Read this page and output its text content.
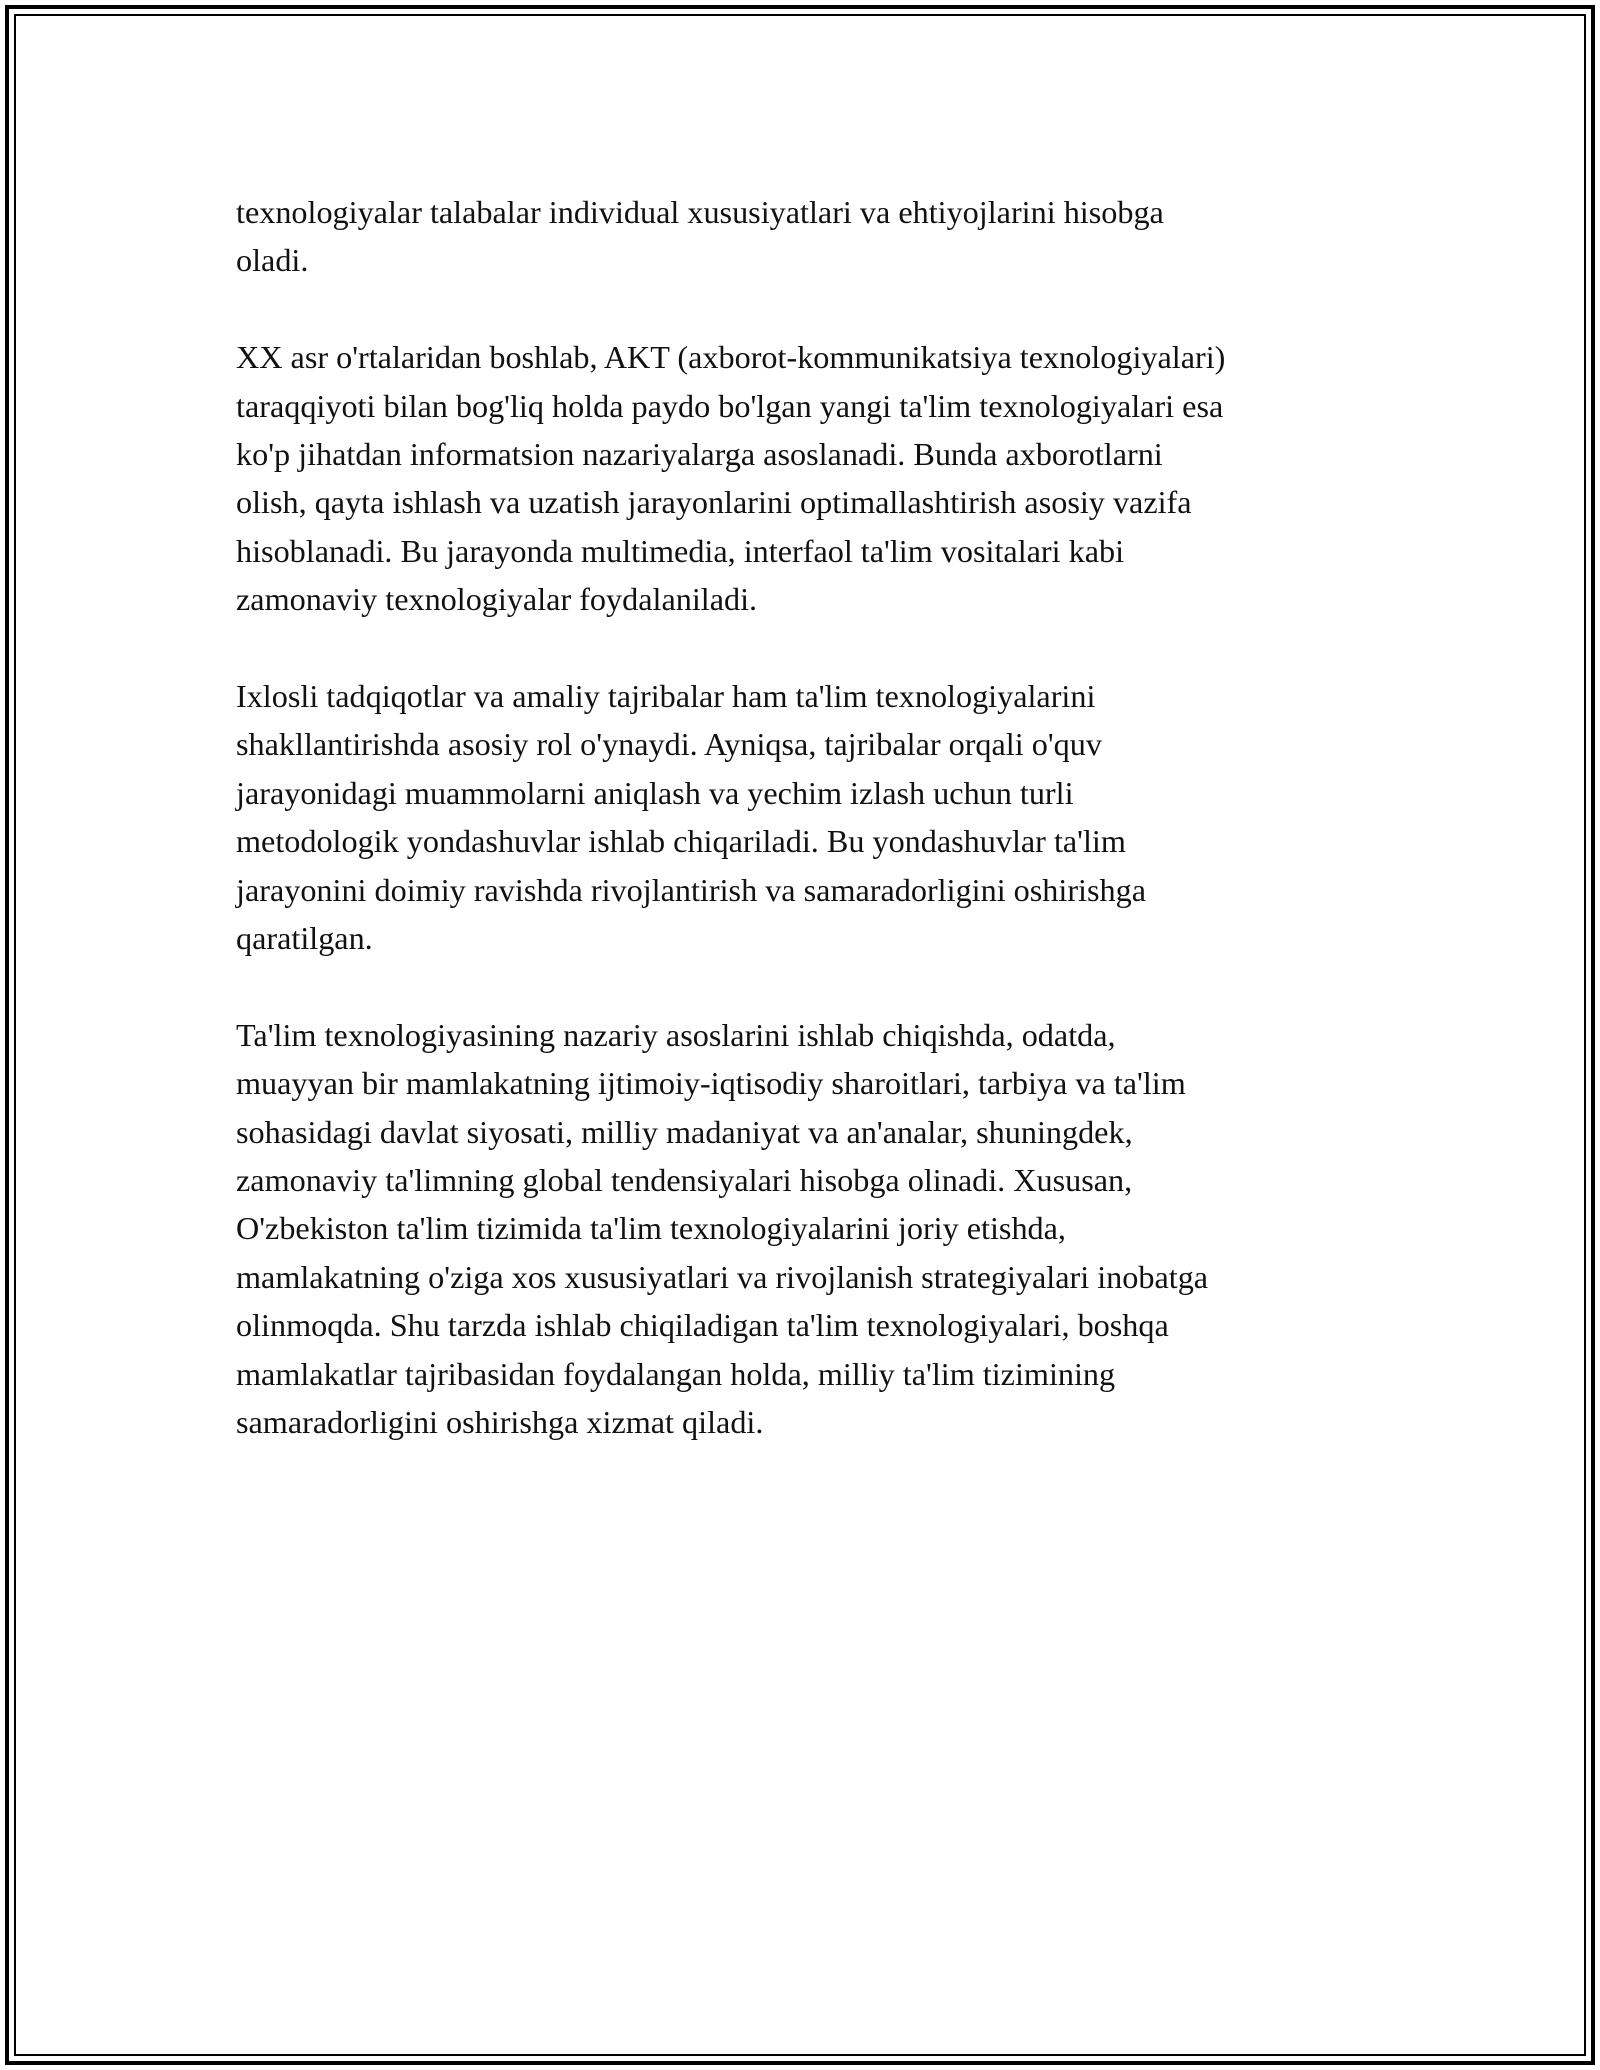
texnologiyalar talabalar individual xususiyatlari va ehtiyojlarini hisobga
oladi.

XX asr o'rtalaridan boshlab, AKT (axborot-kommunikatsiya texnologiyalari)
taraqqiyoti bilan bog'liq holda paydo bo'lgan yangi ta'lim texnologiyalari esa
ko'p jihatdan informatsion nazariyalarga asoslanadi. Bunda axborotlarni
olish, qayta ishlash va uzatish jarayonlarini optimallashtirish asosiy vazifa
hisoblanadi. Bu jarayonda multimedia, interfaol ta'lim vositalari kabi
zamonaviy texnologiyalar foydalaniladi.

Ixlosli tadqiqotlar va amaliy tajribalar ham ta'lim texnologiyalarini
shakllantirishda asosiy rol o'ynaydi. Ayniqsa, tajribalar orqali o'quv
jarayonidagi muammolarni aniqlash va yechim izlash uchun turli
metodologik yondashuvlar ishlab chiqariladi. Bu yondashuvlar ta'lim
jarayonini doimiy ravishda rivojlantirish va samaradorligini oshirishga
qaratilgan.

Ta'lim texnologiyasining nazariy asoslarini ishlab chiqishda, odatda,
muayyan bir mamlakatning ijtimoiy-iqtisodiy sharoitlari, tarbiya va ta'lim
sohasidagi davlat siyosati, milliy madaniyat va an'analar, shuningdek,
zamonaviy ta'limning global tendensiyalari hisobga olinadi. Xususan,
O'zbekiston ta'lim tizimida ta'lim texnologiyalarini joriy etishda,
mamlakatning o'ziga xos xususiyatlari va rivojlanish strategiyalari inobatga
olinmoqda. Shu tarzda ishlab chiqiladigan ta'lim texnologiyalari, boshqa
mamlakatlar tajribasidan foydalangan holda, milliy ta'lim tizimining
samaradorligini oshirishga xizmat qiladi.
